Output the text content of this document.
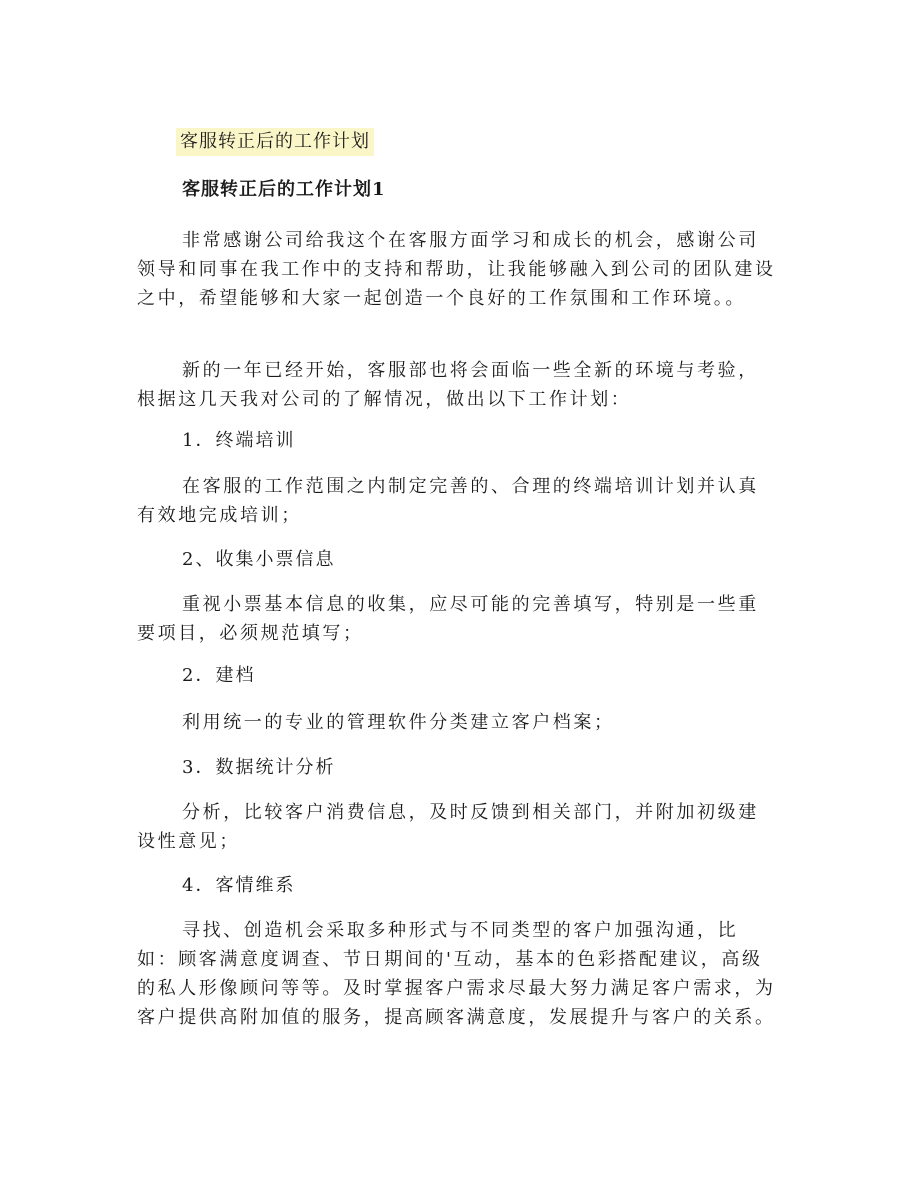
客服转正后的工作计划
客服转正后的工作计划1

非常感谢公司给我这个在客服方面学习和成长的机会，感谢公司领导和同事在我工作中的支持和帮助，让我能够融入到公司的团队建设之中，希望能够和大家一起创造一个良好的工作氛围和工作环境。。

新的一年已经开始，客服部也将会面临一些全新的环境与考验，根据这几天我对公司的了解情况，做出以下工作计划：

1．终端培训

在客服的工作范围之内制定完善的、合理的终端培训计划并认真有效地完成培训；

2、收集小票信息

重视小票基本信息的收集，应尽可能的完善填写，特别是一些重要项目，必须规范填写；

2．建档

利用统一的专业的管理软件分类建立客户档案；

3．数据统计分析

分析，比较客户消费信息，及时反馈到相关部门，并附加初级建设性意见；

4．客情维系

寻找、创造机会采取多种形式与不同类型的客户加强沟通，比如：顾客满意度调查、节日期间的'互动，基本的色彩搭配建议，高级的私人形像顾问等等。及时掌握客户需求尽最大努力满足客户需求，为客户提供高附加值的服务，提高顾客满意度，发展提升与客户的关系。
